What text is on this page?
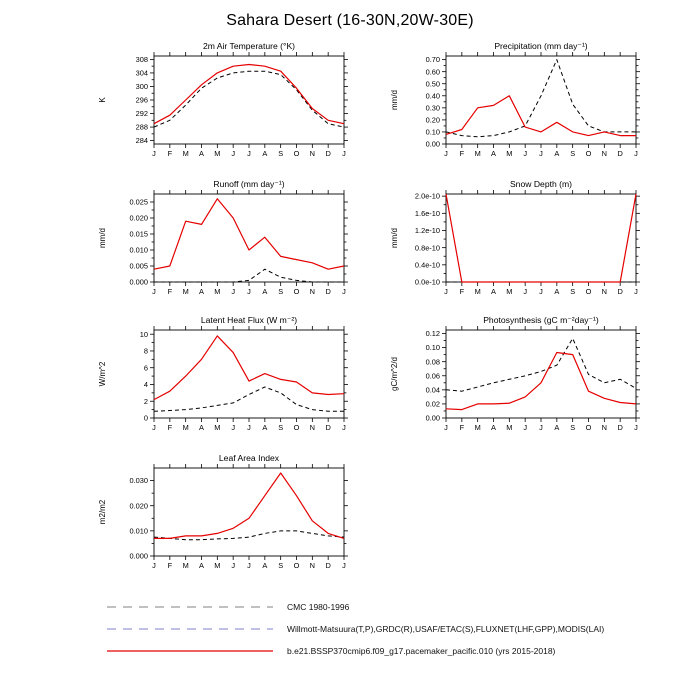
Sahara Desert (16-30N,20W-30E)
2m Air Temperature (°K)
K
284
288
292
296
300
304
308
J F M A M J J A S O N D J
Precipitation (mm day⁻¹)
mm/d
0.00
0.10
0.20
0.30
0.40
0.50
0.60
0.70
J F M A M J J A S O N D J
Runoff (mm day⁻¹)
mm/d
0.000
0.005
0.010
0.015
0.020
0.025
J F M A M J J A S O N D J
Snow Depth (m)
mm/d
2.0e-10
1.6e-10
1.2e-10
0.8e-10
0.4e-10
0.0e-10
J F M A M J J A S O N D J
Latent Heat Flux (W m⁻²)
W/m^2
0
2
4
6
8
10
J F M A M J J A S O N D J
Photosynthesis (gC m⁻²day⁻¹)
gC/m^2/d
0.00
0.02
0.04
0.06
0.08
0.10
0.12
J F M A M J J A S O N D J
Leaf Area Index
m2/m2
0.000
0.010
0.020
0.030
J F M A M J J A S O N D J
CMC 1980-1996
Willmott-Matsuura(T,P),GRDC(R),USAF/ETAC(S),FLUXNET(LHF,GPP),MODIS(LAI)
b.e21.BSSP370cmip6.f09_g17.pacemaker_pacific.010 (yrs 2015-2018)
